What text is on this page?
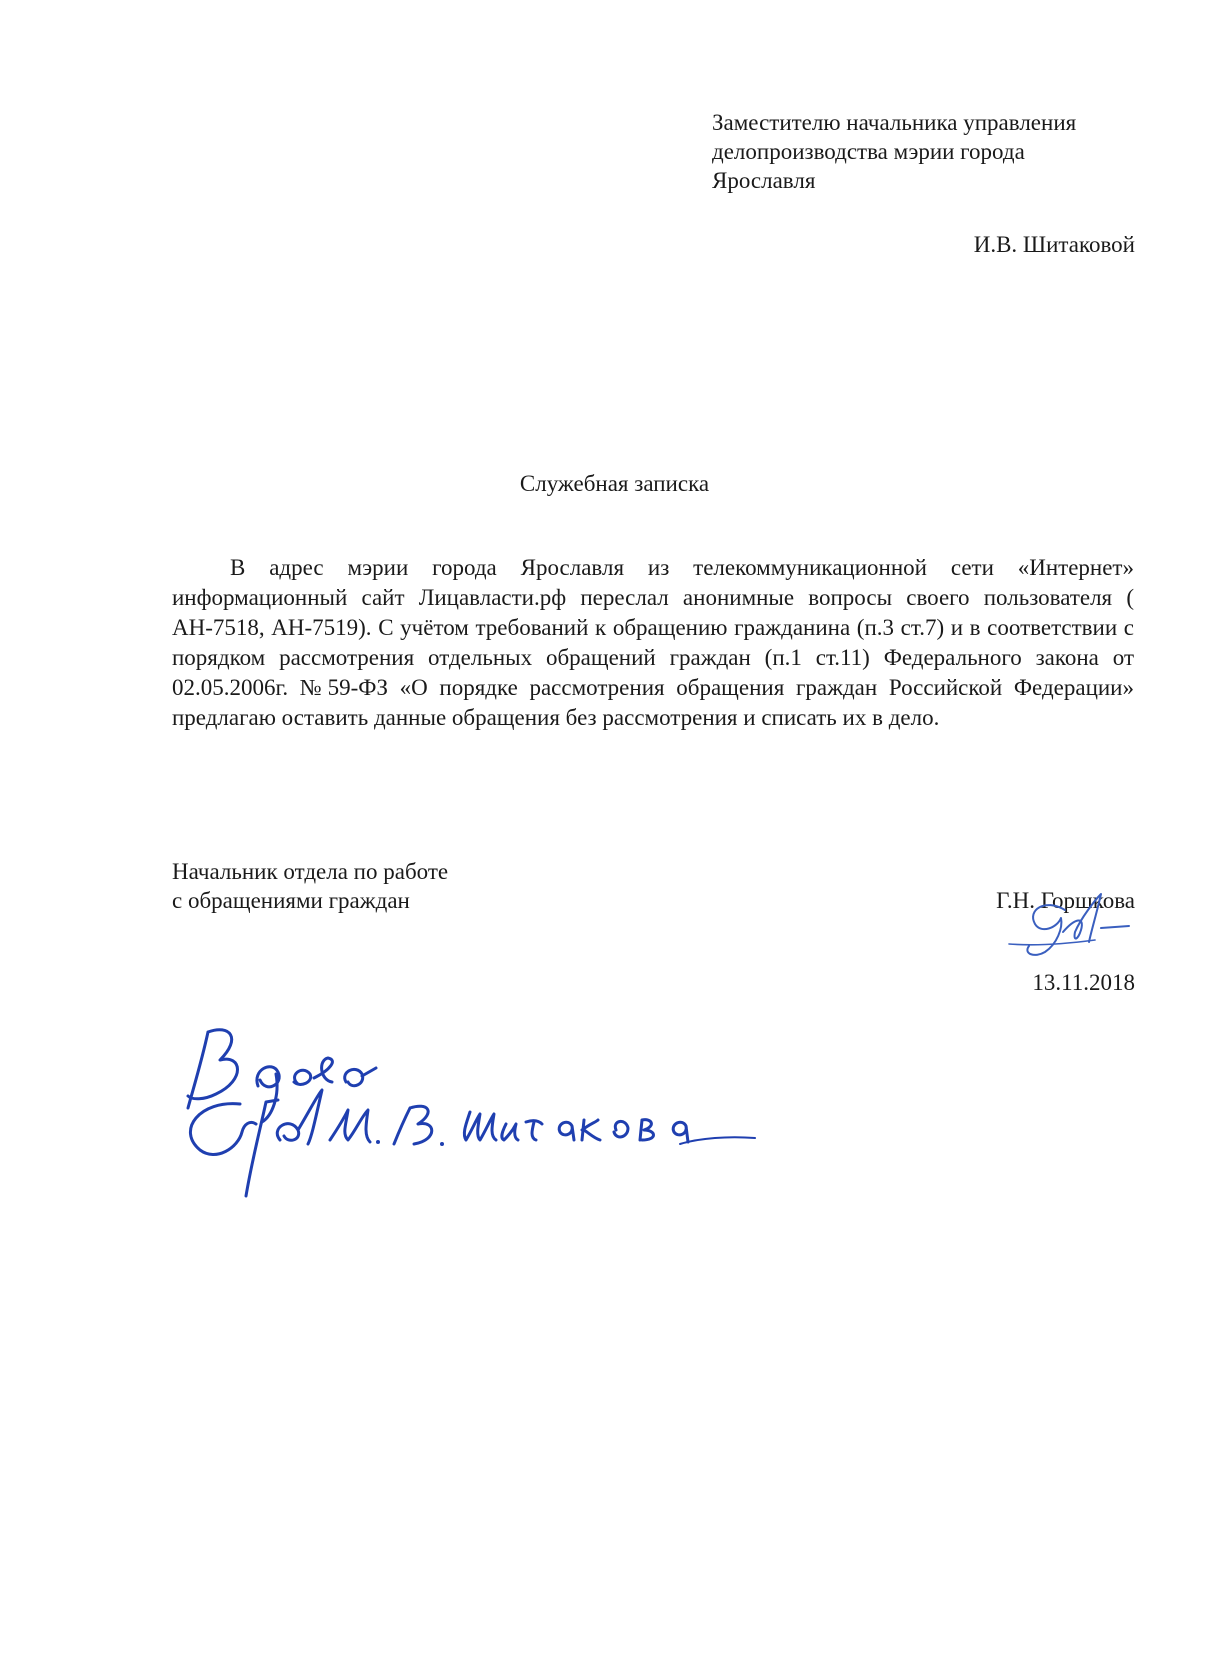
Заместителю начальника управления
делопроизводства мэрии города
Ярославля
И.В. Шитаковой
Служебная записка
В адрес мэрии города Ярославля из телекоммуникационной сети «Интернет» информационный сайт Лицавласти.рф переслал анонимные вопросы своего пользователя ( АН-7518, АН-7519). С учётом требований к обращению гражданина (п.3 ст.7) и в соответствии с порядком рассмотрения отдельных обращений граждан (п.1 ст.11) Федерального закона от 02.05.2006г. №59-ФЗ «О порядке рассмотрения обращения граждан Российской Федерации» предлагаю оставить данные обращения без рассмотрения и списать их в дело.
Начальник отдела по работе
с обращениями граждан	Г.Н. Горшкова
13.11.2018
